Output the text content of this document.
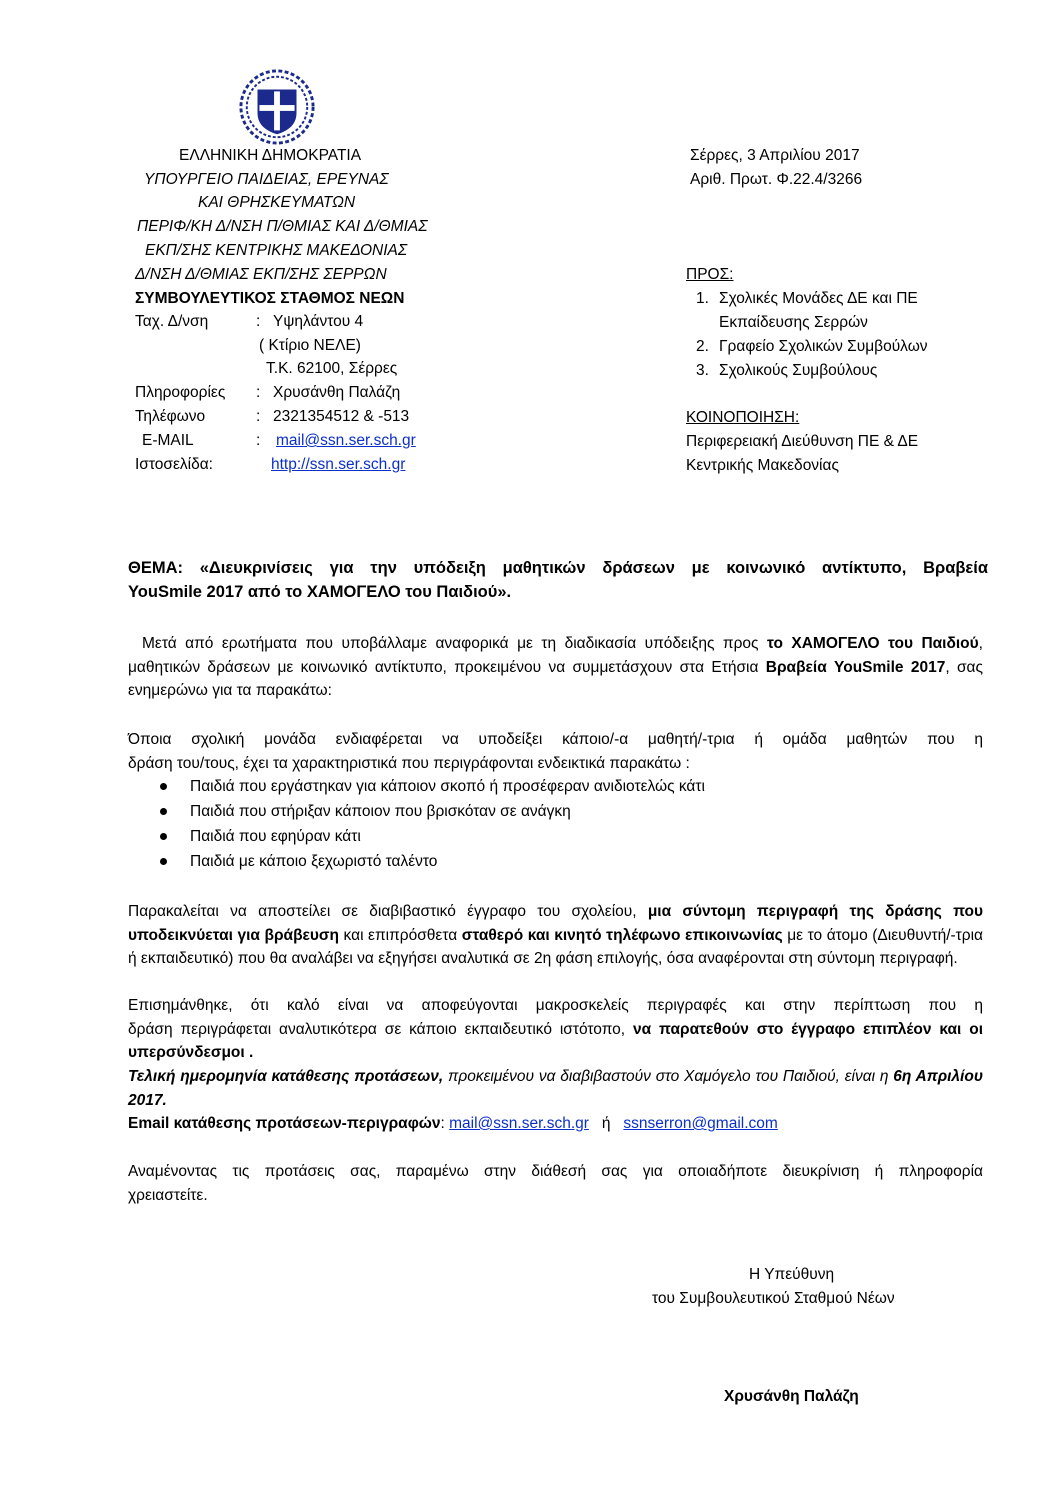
ΕΛΛΗΝΙΚΗ ΔΗΜΟΚΡΑΤΙΑ
ΥΠΟΥΡΓΕΙΟ ΠΑΙΔΕΙΑΣ, ΕΡΕΥΝΑΣ
ΚΑΙ ΘΡΗΣΚΕΥΜΑΤΩΝ
ΠΕΡΙΦ/ΚΗ Δ/ΝΣΗ Π/ΘΜΙΑΣ ΚΑΙ Δ/ΘΜΙΑΣ
ΕΚΠ/ΣΗΣ ΚΕΝΤΡΙΚΗΣ ΜΑΚΕΔΟΝΙΑΣ
Δ/ΝΣΗ Δ/ΘΜΙΑΣ ΕΚΠ/ΣΗΣ ΣΕΡΡΩΝ
ΣΥΜΒΟΥΛΕΥΤΙΚΟΣ ΣΤΑΘΜΟΣ ΝΕΩΝ
Ταχ. Δ/νση	: Υψηλάντου 4
( Κτίριο ΝΕΛΕ)
Τ.Κ. 62100, Σέρρες
Πληροφορίες : Χρυσάνθη Παλάζη
Τηλέφωνο	: 2321354512 & -513
E-MAIL	: mail@ssn.ser.sch.gr
Ιστοσελίδα:	http://ssn.ser.sch.gr
Σέρρες, 3 Απριλίου 2017
Αριθ. Πρωτ. Φ.22.4/3266
ΠΡΟΣ:
1. Σχολικές Μονάδες ΔΕ και ΠΕ
Εκπαίδευσης Σερρών
2. Γραφείο Σχολικών Συμβούλων
3. Σχολικούς Συμβούλους
ΚΟΙΝΟΠΟΙΗΣΗ:
Περιφερειακή Διεύθυνση ΠΕ & ΔΕ
Κεντρικής Μακεδονίας
ΘΕΜΑ: «Διευκρινίσεις για την υπόδειξη μαθητικών δράσεων με κοινωνικό αντίκτυπο, Βραβεία
YouSmile 2017 από το ΧΑΜΟΓΕΛΟ του Παιδιού».
Μετά από ερωτήματα που υποβάλλαμε αναφορικά με τη διαδικασία υπόδειξης προς το ΧΑΜΟΓΕΛΟ του Παιδιού, μαθητικών δράσεων με κοινωνικό αντίκτυπο, προκειμένου να συμμετάσχουν στα Ετήσια Βραβεία YouSmile 2017, σας ενημερώνω για τα παρακάτω:
Όποια σχολική μονάδα ενδιαφέρεται να υποδείξει κάποιο/-α μαθητή/-τρια ή ομάδα μαθητών που η
δράση του/τους, έχει τα χαρακτηριστικά που περιγράφονται ενδεικτικά παρακάτω :
Παιδιά που εργάστηκαν για κάποιον σκοπό ή προσέφεραν ανιδιοτελώς κάτι
Παιδιά που στήριξαν κάποιον που βρισκόταν σε ανάγκη
Παιδιά που εφηύραν κάτι
Παιδιά με κάποιο ξεχωριστό ταλέντο
Παρακαλείται να αποστείλει σε διαβιβαστικό έγγραφο του σχολείου, μια σύντομη περιγραφή της δράσης που υποδεικνύεται για βράβευση και επιπρόσθετα σταθερό και κινητό τηλέφωνο επικοινωνίας με το άτομο (Διευθυντή/-τρια ή εκπαιδευτικό) που θα αναλάβει να εξηγήσει αναλυτικά σε 2η φάση επιλογής, όσα αναφέρονται στη σύντομη περιγραφή.
Επισημάνθηκε, ότι καλό είναι να αποφεύγονται μακροσκελείς περιγραφές και στην περίπτωση που η
δράση περιγράφεται αναλυτικότερα σε κάποιο εκπαιδευτικό ιστότοπο, να παρατεθούν στο έγγραφο επιπλέον και οι υπερσύνδεσμοι .
Τελική ημερομηνία κατάθεσης προτάσεων, προκειμένου να διαβιβαστούν στο Χαμόγελο του Παιδιού, είναι η 6η Απριλίου 2017.
Email κατάθεσης προτάσεων-περιγραφών: mail@ssn.ser.sch.gr   ή   ssnserron@gmail.com
Αναμένοντας τις προτάσεις σας, παραμένω στην διάθεσή σας για οποιαδήποτε διευκρίνιση ή πληροφορία
χρειαστείτε.
Η Υπεύθυνη
του Συμβουλευτικού Σταθμού Νέων
Χρυσάνθη Παλάζη
